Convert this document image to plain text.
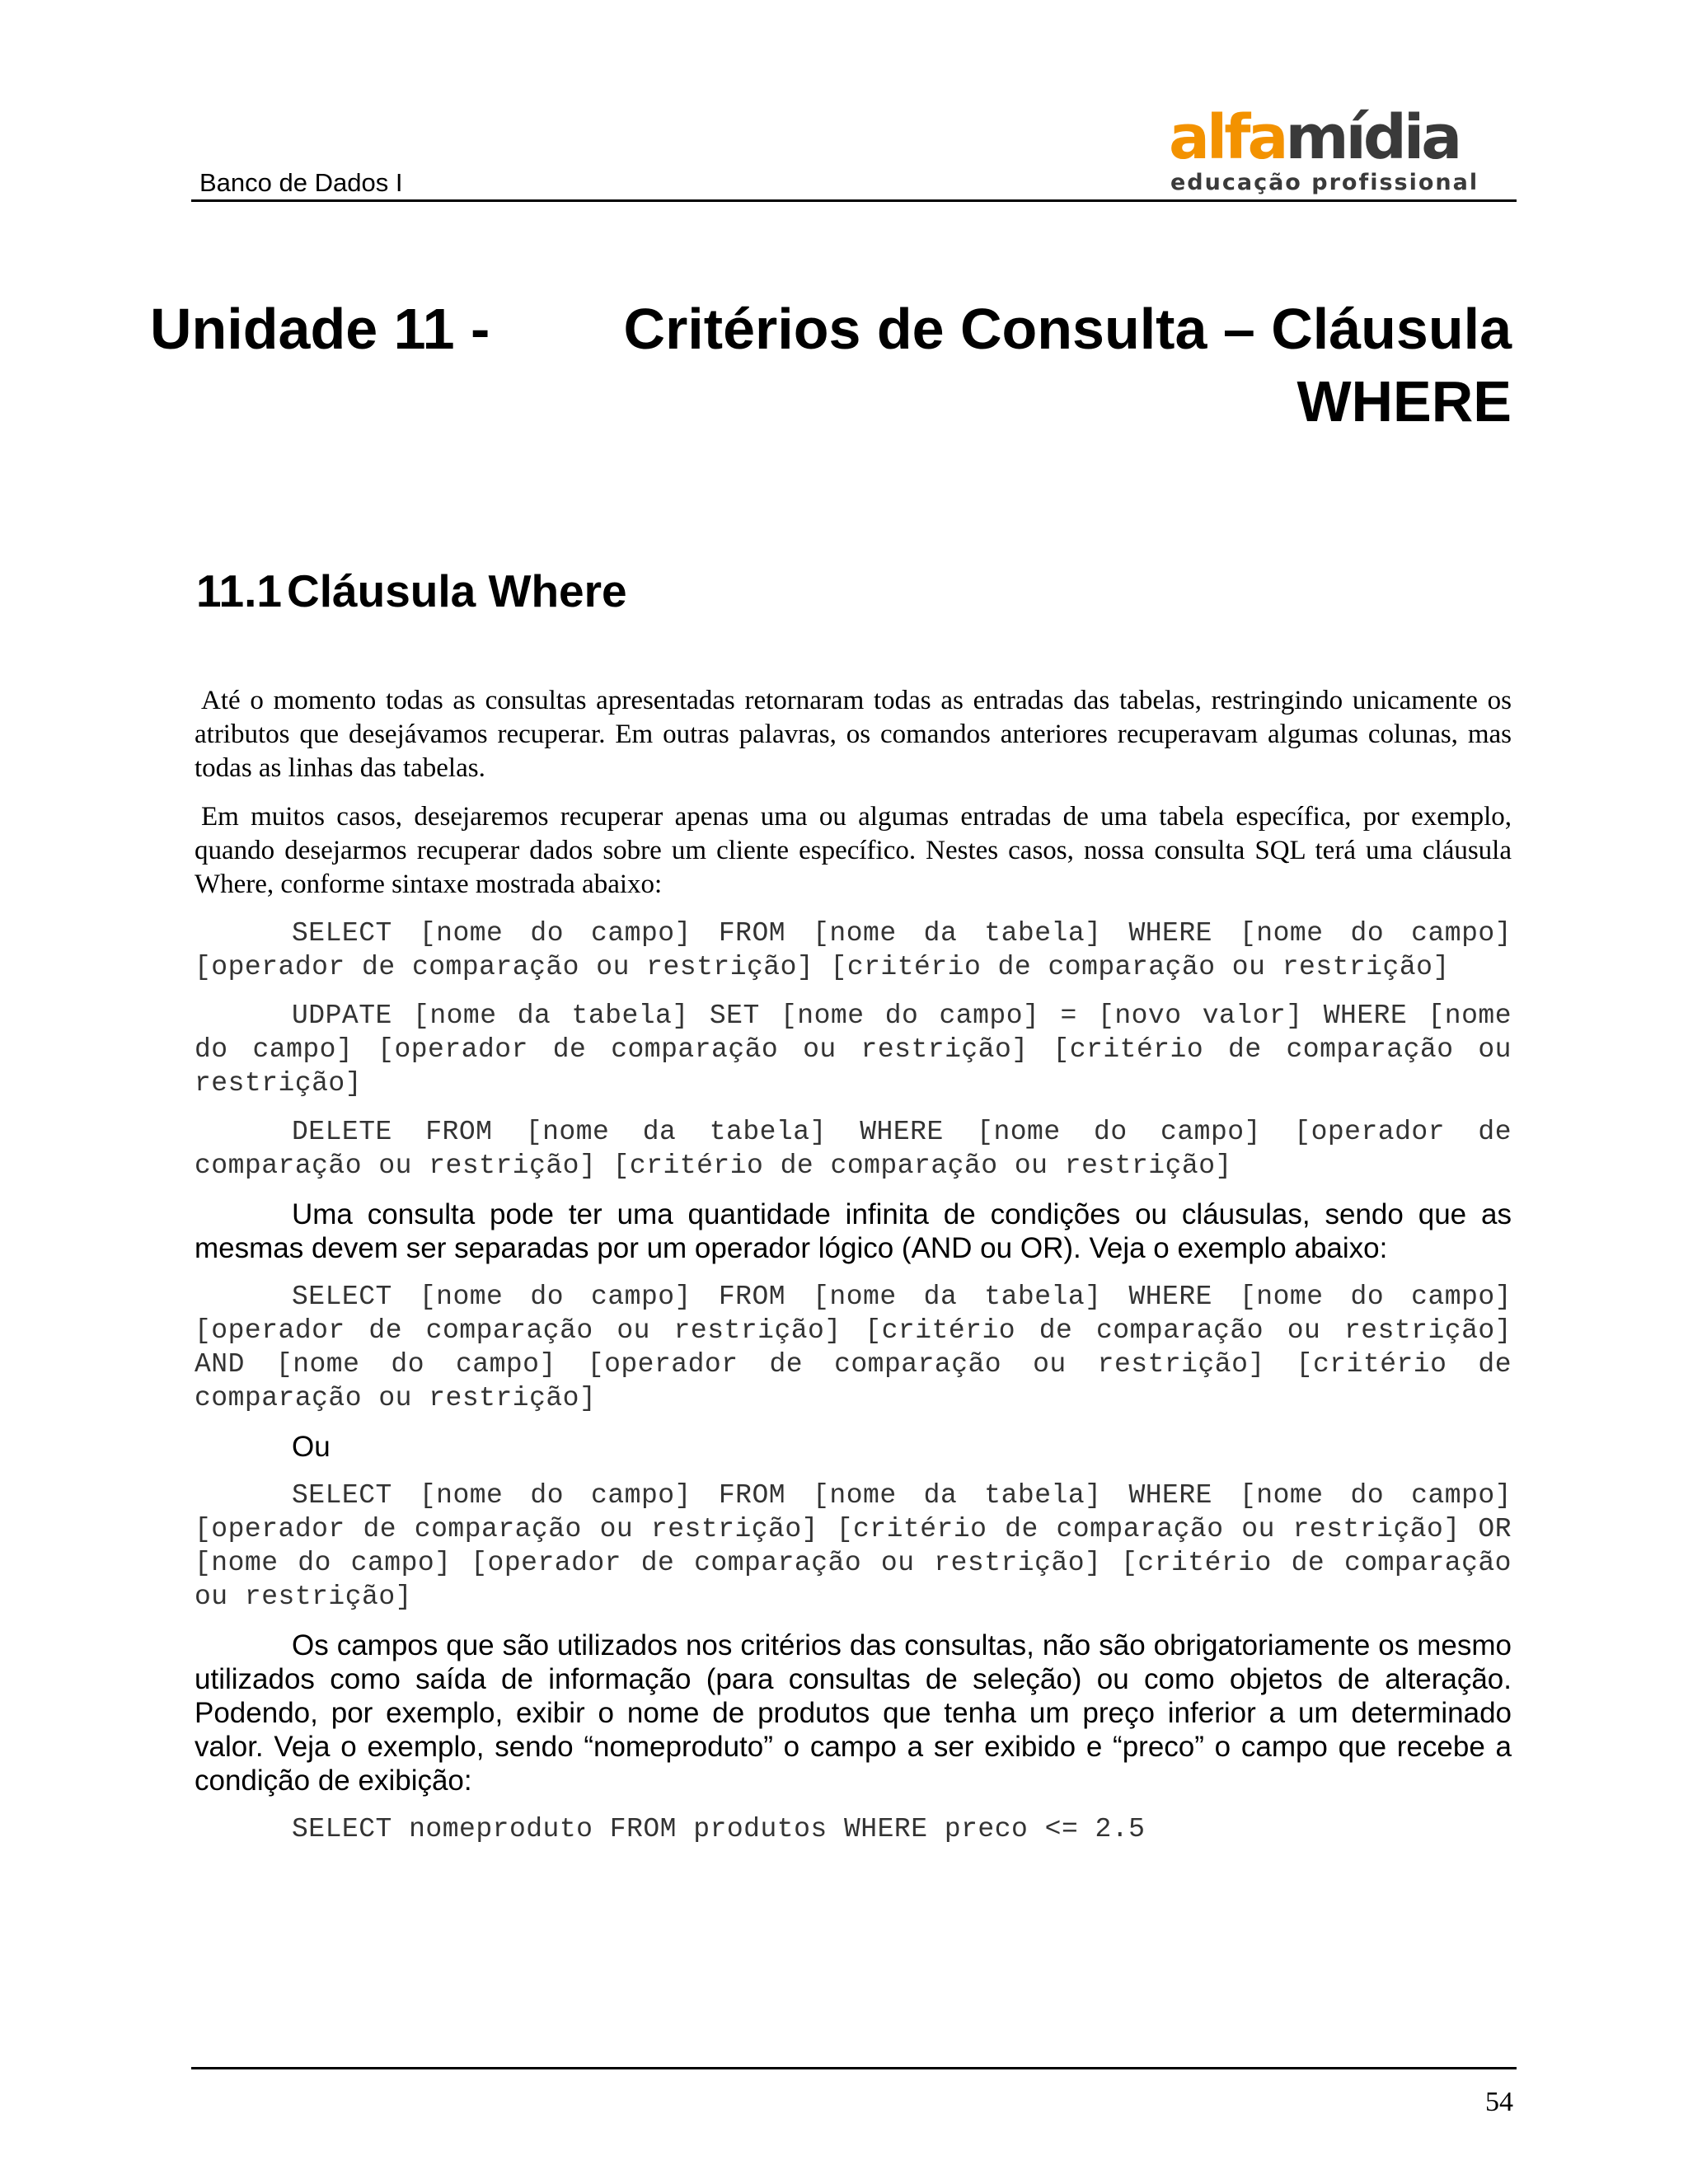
Banco de Dados I
alfamídia
educação profissional
Unidade 11 - Critérios de Consulta – Cláusula
WHERE
11.1 Cláusula Where

Até o momento todas as consultas apresentadas retornaram todas as entradas das tabelas, restringindo unicamente os atributos que desejávamos recuperar. Em outras palavras, os comandos anteriores recuperavam algumas colunas, mas todas as linhas das tabelas.

Em muitos casos, desejaremos recuperar apenas uma ou algumas entradas de uma tabela específica, por exemplo, quando desejarmos recuperar dados sobre um cliente específico. Nestes casos, nossa consulta SQL terá uma cláusula Where, conforme sintaxe mostrada abaixo:

SELECT [nome do campo] FROM [nome da tabela] WHERE [nome do campo] [operador de comparação ou restrição] [critério de comparação ou restrição]

UDPATE [nome da tabela] SET [nome do campo] = [novo valor] WHERE [nome do campo] [operador de comparação ou restrição] [critério de comparação ou restrição]

DELETE FROM [nome da tabela] WHERE [nome do campo] [operador de comparação ou restrição] [critério de comparação ou restrição]

Uma consulta pode ter uma quantidade infinita de condições ou cláusulas, sendo que as mesmas devem ser separadas por um operador lógico (AND ou OR). Veja o exemplo abaixo:

SELECT [nome do campo] FROM [nome da tabela] WHERE [nome do campo] [operador de comparação ou restrição] [critério de comparação ou restrição] AND [nome do campo] [operador de comparação ou restrição] [critério de comparação ou restrição]

Ou

SELECT [nome do campo] FROM [nome da tabela] WHERE [nome do campo] [operador de comparação ou restrição] [critério de comparação ou restrição] OR [nome do campo] [operador de comparação ou restrição] [critério de comparação ou restrição]

Os campos que são utilizados nos critérios das consultas, não são obrigatoriamente os mesmo utilizados como saída de informação (para consultas de seleção) ou como objetos de alteração. Podendo, por exemplo, exibir o nome de produtos que tenha um preço inferior a um determinado valor. Veja o exemplo, sendo “nomeproduto” o campo a ser exibido e “preco” o campo que recebe a condição de exibição:

SELECT nomeproduto FROM produtos WHERE preco <= 2.5

54
